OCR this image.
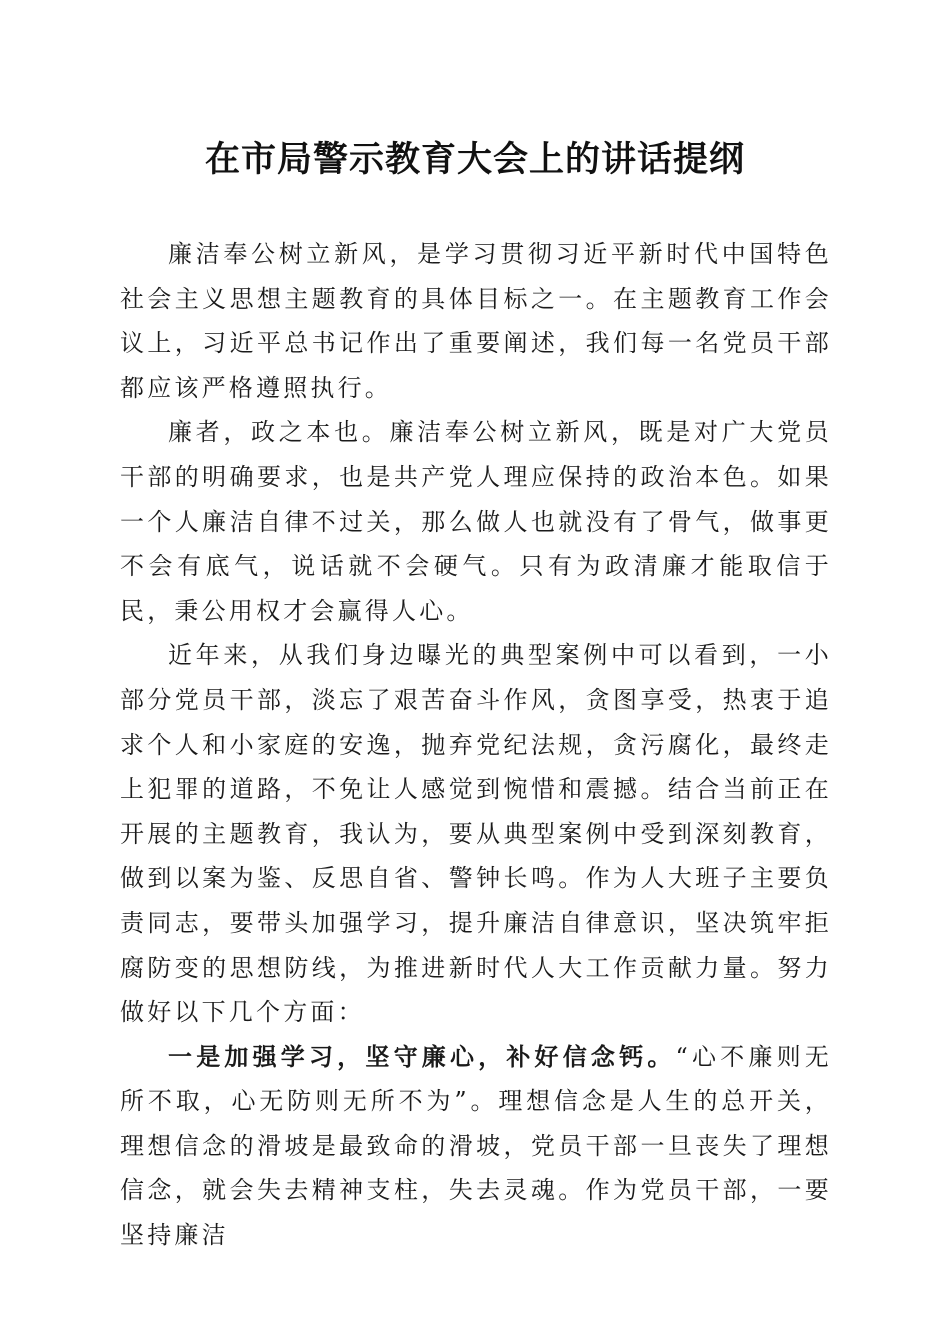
在市局警示教育大会上的讲话提纲

廉洁奉公树立新风，是学习贯彻习近平新时代中国特色社会主义思想主题教育的具体目标之一。在主题教育工作会议上，习近平总书记作出了重要阐述，我们每一名党员干部都应该严格遵照执行。

廉者，政之本也。廉洁奉公树立新风，既是对广大党员干部的明确要求，也是共产党人理应保持的政治本色。如果一个人廉洁自律不过关，那么做人也就没有了骨气，做事更不会有底气，说话就不会硬气。只有为政清廉才能取信于民，秉公用权才会赢得人心。

近年来，从我们身边曝光的典型案例中可以看到，一小部分党员干部，淡忘了艰苦奋斗作风，贪图享受，热衷于追求个人和小家庭的安逸，抛弃党纪法规，贪污腐化，最终走上犯罪的道路，不免让人感觉到惋惜和震撼。结合当前正在开展的主题教育，我认为，要从典型案例中受到深刻教育，做到以案为鉴、反思自省、警钟长鸣。作为人大班子主要负责同志，要带头加强学习，提升廉洁自律意识，坚决筑牢拒腐防变的思想防线，为推进新时代人大工作贡献力量。努力做好以下几个方面：

一是加强学习，坚守廉心，补好信念钙。“心不廉则无所不取，心无防则无所不为”。理想信念是人生的总开关，理想信念的滑坡是最致命的滑坡，党员干部一旦丧失了理想信念，就会失去精神支柱，失去灵魂。作为党员干部，一要坚持廉洁
